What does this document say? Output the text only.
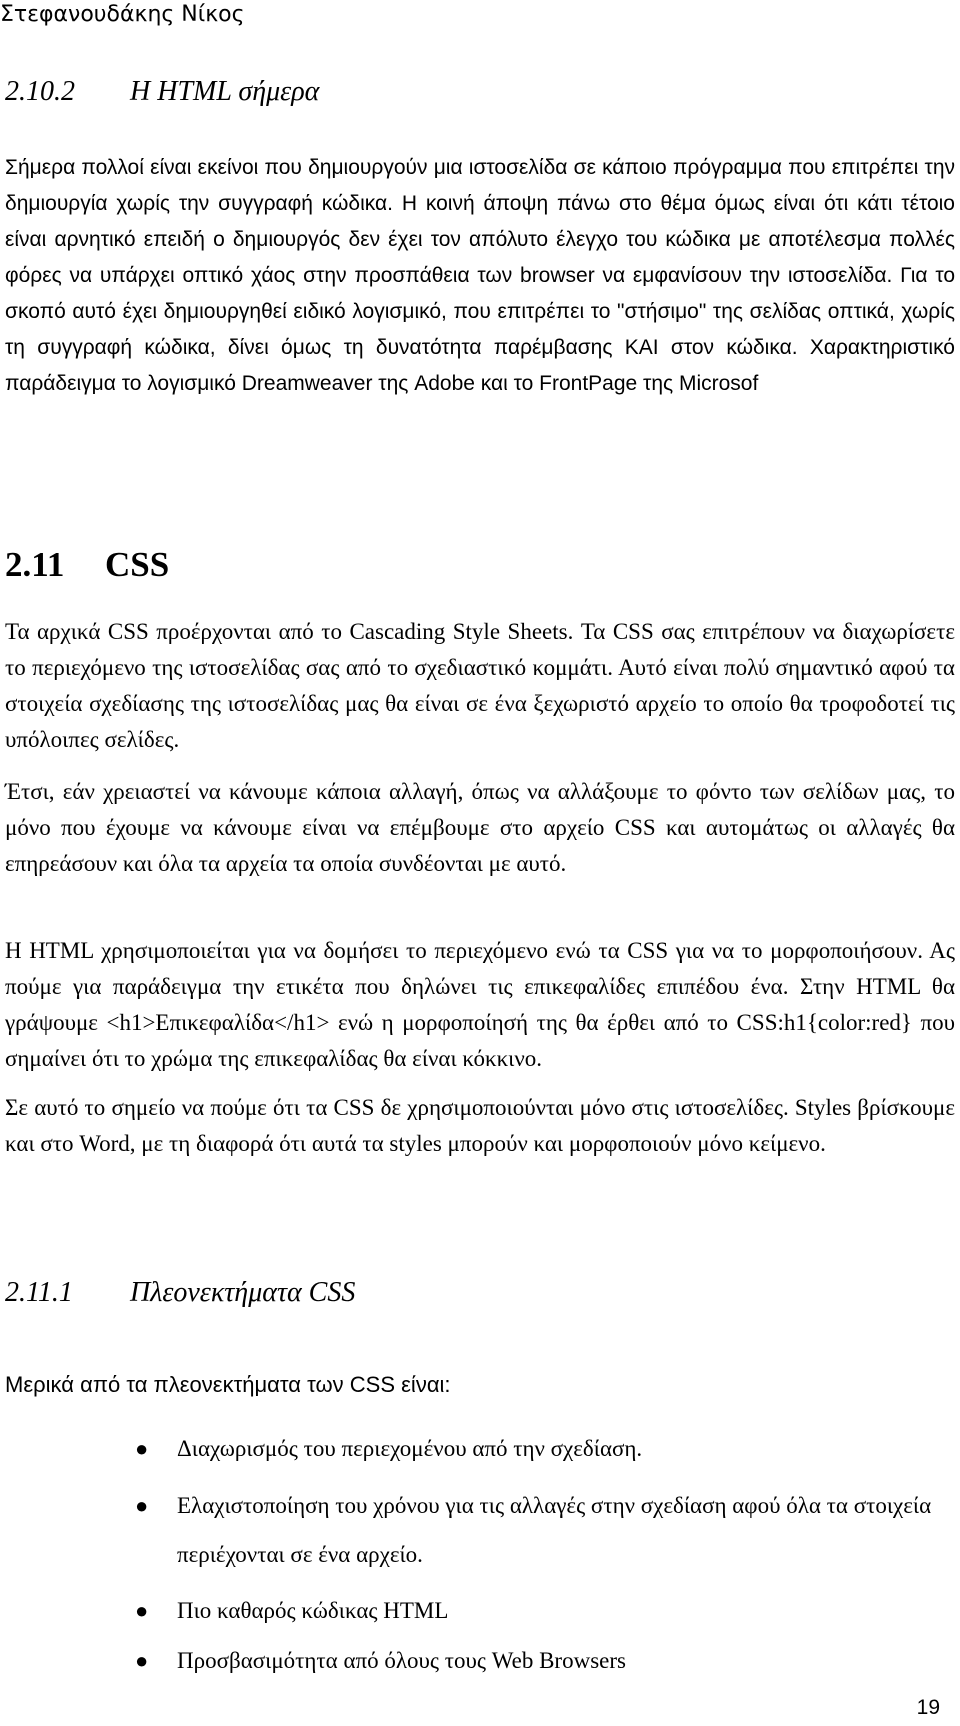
Στεφανουδάκης Νίκος
2.10.2 Η HTML σήμερα
Σήμερα πολλοί είναι εκείνοι που δημιουργούν μια ιστοσελίδα σε κάποιο πρόγραμμα που επιτρέπει την δημιουργία χωρίς την συγγραφή κώδικα. Η κοινή άποψη πάνω στο θέμα όμως είναι ότι κάτι τέτοιο είναι αρνητικό επειδή ο δημιουργός δεν έχει τον απόλυτο έλεγχο του κώδικα με αποτέλεσμα πολλές φόρες να υπάρχει οπτικό χάος στην προσπάθεια των browser να εμφανίσουν την ιστοσελίδα. Για το σκοπό αυτό έχει δημιουργηθεί ειδικό λογισμικό, που επιτρέπει το "στήσιμο" της σελίδας οπτικά, χωρίς τη συγγραφή κώδικα, δίνει όμως τη δυνατότητα παρέμβασης ΚΑΙ στον κώδικα. Χαρακτηριστικό παράδειγμα το λογισμικό Dreamweaver της Adobe και το FrontPage της Microsof
2.11 CSS
Τα αρχικά CSS προέρχονται από το Cascading Style Sheets. Τα CSS σας επιτρέπουν να διαχωρίσετε το περιεχόμενο της ιστοσελίδας σας από το σχεδιαστικό κομμάτι. Αυτό είναι πολύ σημαντικό αφού τα στοιχεία σχεδίασης της ιστοσελίδας μας θα είναι σε ένα ξεχωριστό αρχείο το οποίο θα τροφοδοτεί τις υπόλοιπες σελίδες.
Έτσι, εάν χρειαστεί να κάνουμε κάποια αλλαγή, όπως να αλλάξουμε το φόντο των σελίδων μας, το μόνο που έχουμε να κάνουμε είναι να επέμβουμε στο αρχείο CSS και αυτομάτως οι αλλαγές θα επηρεάσουν και όλα τα αρχεία τα οποία συνδέονται με αυτό.
Η HTML χρησιμοποιείται για να δομήσει το περιεχόμενο ενώ τα CSS για να το μορφοποιήσουν. Ας πούμε για παράδειγμα την ετικέτα που δηλώνει τις επικεφαλίδες επιπέδου ένα. Στην HTML θα γράψουμε <h1>Επικεφαλίδα</h1> ενώ η μορφοποίησή της θα έρθει από το CSS:h1{color:red} που σημαίνει ότι το χρώμα της επικεφαλίδας θα είναι κόκκινο.
Σε αυτό το σημείο να πούμε ότι τα CSS δε χρησιμοποιούνται μόνο στις ιστοσελίδες. Styles βρίσκουμε και στο Word, με τη διαφορά ότι αυτά τα styles μπορούν και μορφοποιούν μόνο κείμενο.
2.11.1 Πλεονεκτήματα CSS
Μερικά από τα πλεονεκτήματα των CSS είναι:
● Διαχωρισμός του περιεχομένου από την σχεδίαση.
● Ελαχιστοποίηση του χρόνου για τις αλλαγές στην σχεδίαση αφού όλα τα στοιχεία περιέχονται σε ένα αρχείο.
● Πιο καθαρός κώδικας HTML
● Προσβασιμότητα από όλους τους Web Browsers
19
